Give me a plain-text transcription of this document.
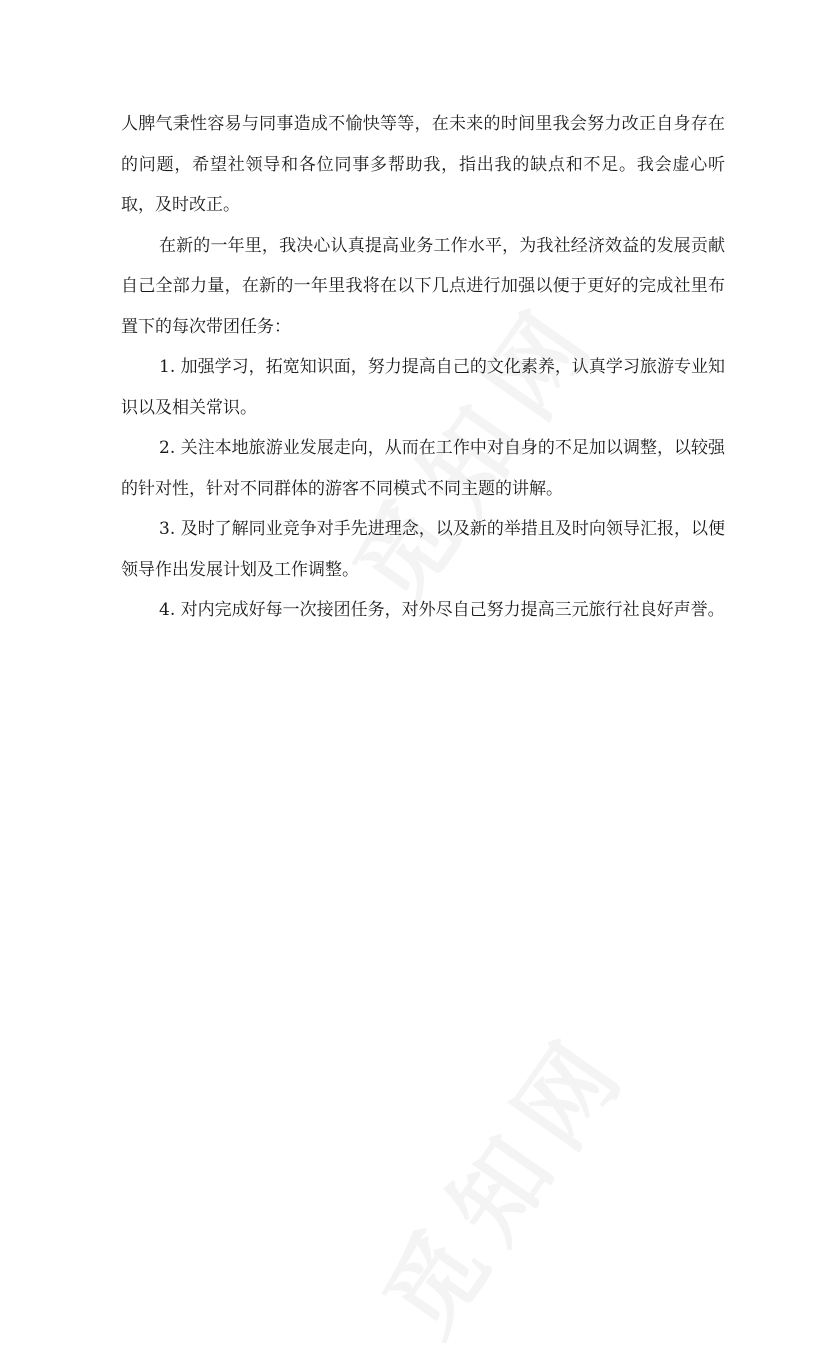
人脾气秉性容易与同事造成不愉快等等，在未来的时间里我会努力改正自身存在的问题，希望社领导和各位同事多帮助我，指出我的缺点和不足。我会虚心听取，及时改正。

在新的一年里，我决心认真提高业务工作水平，为我社经济效益的发展贡献自己全部力量，在新的一年里我将在以下几点进行加强以便于更好的完成社里布置下的每次带团任务：

1. 加强学习，拓宽知识面，努力提高自己的文化素养，认真学习旅游专业知识以及相关常识。

2. 关注本地旅游业发展走向，从而在工作中对自身的不足加以调整，以较强的针对性，针对不同群体的游客不同模式不同主题的讲解。

3. 及时了解同业竞争对手先进理念，以及新的举措且及时向领导汇报，以便领导作出发展计划及工作调整。

4. 对内完成好每一次接团任务，对外尽自己努力提高三元旅行社良好声誉。
